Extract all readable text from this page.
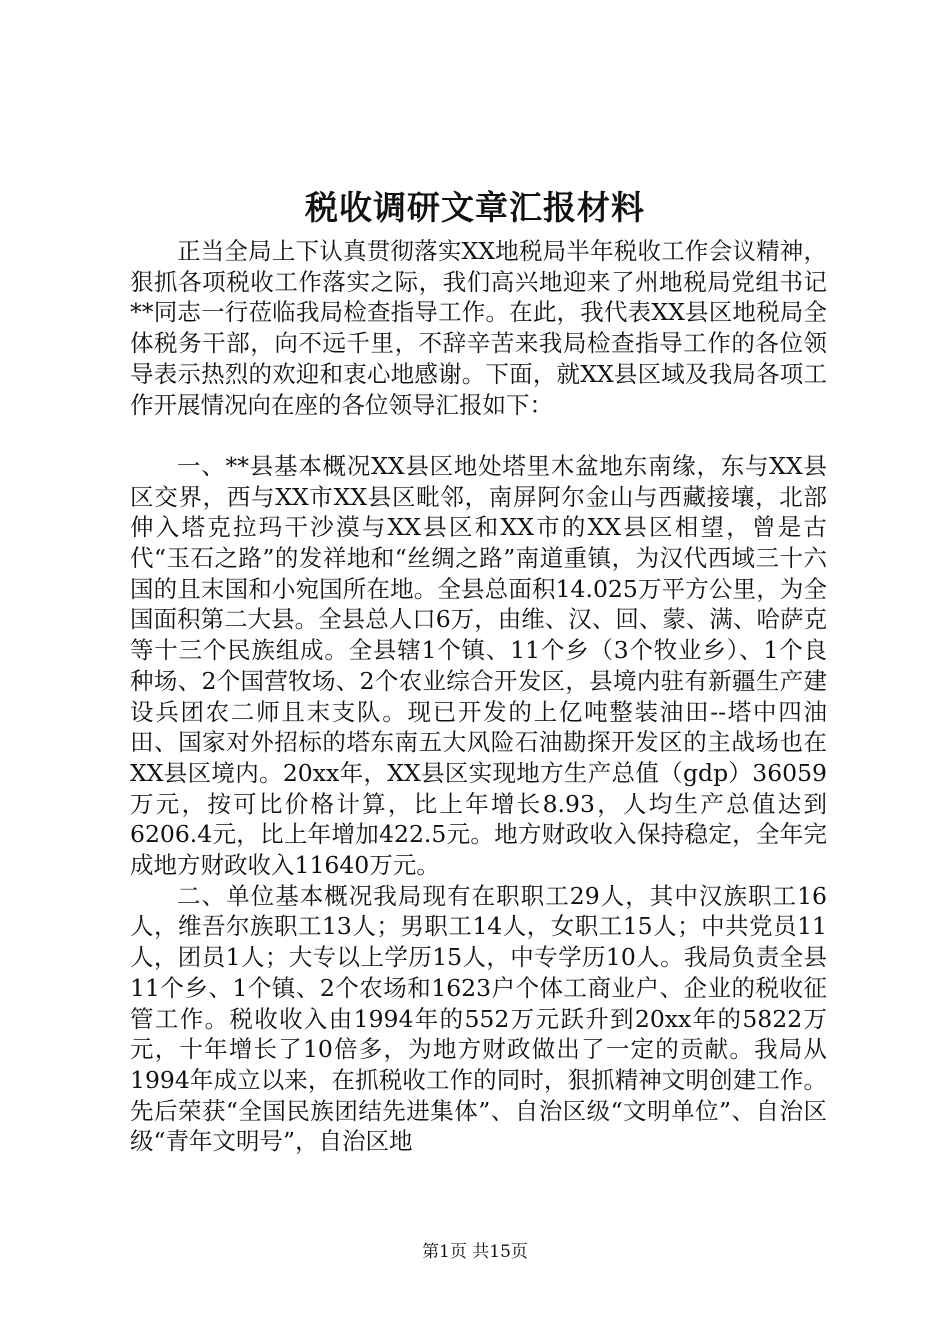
税收调研文章汇报材料

正当全局上下认真贯彻落实XX地税局半年税收工作会议精神，狠抓各项税收工作落实之际，我们高兴地迎来了州地税局党组书记**同志一行莅临我局检查指导工作。在此，我代表XX县区地税局全体税务干部，向不远千里，不辞辛苦来我局检查指导工作的各位领导表示热烈的欢迎和衷心地感谢。下面，就XX县区域及我局各项工作开展情况向在座的各位领导汇报如下：

一、**县基本概况XX县区地处塔里木盆地东南缘，东与XX县区交界，西与XX市XX县区毗邻，南屏阿尔金山与西藏接壤，北部伸入塔克拉玛干沙漠与XX县区和XX市的XX县区相望，曾是古代“玉石之路”的发祥地和“丝绸之路”南道重镇，为汉代西域三十六国的且末国和小宛国所在地。全县总面积14.025万平方公里，为全国面积第二大县。全县总人口6万，由维、汉、回、蒙、满、哈萨克等十三个民族组成。全县辖1个镇、11个乡（3个牧业乡）、1个良种场、2个国营牧场、2个农业综合开发区，县境内驻有新疆生产建设兵团农二师且末支队。现已开发的上亿吨整装油田--塔中四油田、国家对外招标的塔东南五大风险石油勘探开发区的主战场也在XX县区境内。20xx年，XX县区实现地方生产总值（gdp）36059万元，按可比价格计算，比上年增长8.93，人均生产总值达到6206.4元，比上年增加422.5元。地方财政收入保持稳定，全年完成地方财政收入11640万元。

二、单位基本概况我局现有在职职工29人，其中汉族职工16人，维吾尔族职工13人；男职工14人，女职工15人；中共党员11人，团员1人；大专以上学历15人，中专学历10人。我局负责全县11个乡、1个镇、2个农场和1623户个体工商业户、企业的税收征管工作。税收收入由1994年的552万元跃升到20xx年的5822万元，十年增长了10倍多，为地方财政做出了一定的贡献。我局从1994年成立以来，在抓税收工作的同时，狠抓精神文明创建工作。先后荣获“全国民族团结先进集体”、自治区级“文明单位”、自治区级“青年文明号”，自治区地

第1页 共15页
